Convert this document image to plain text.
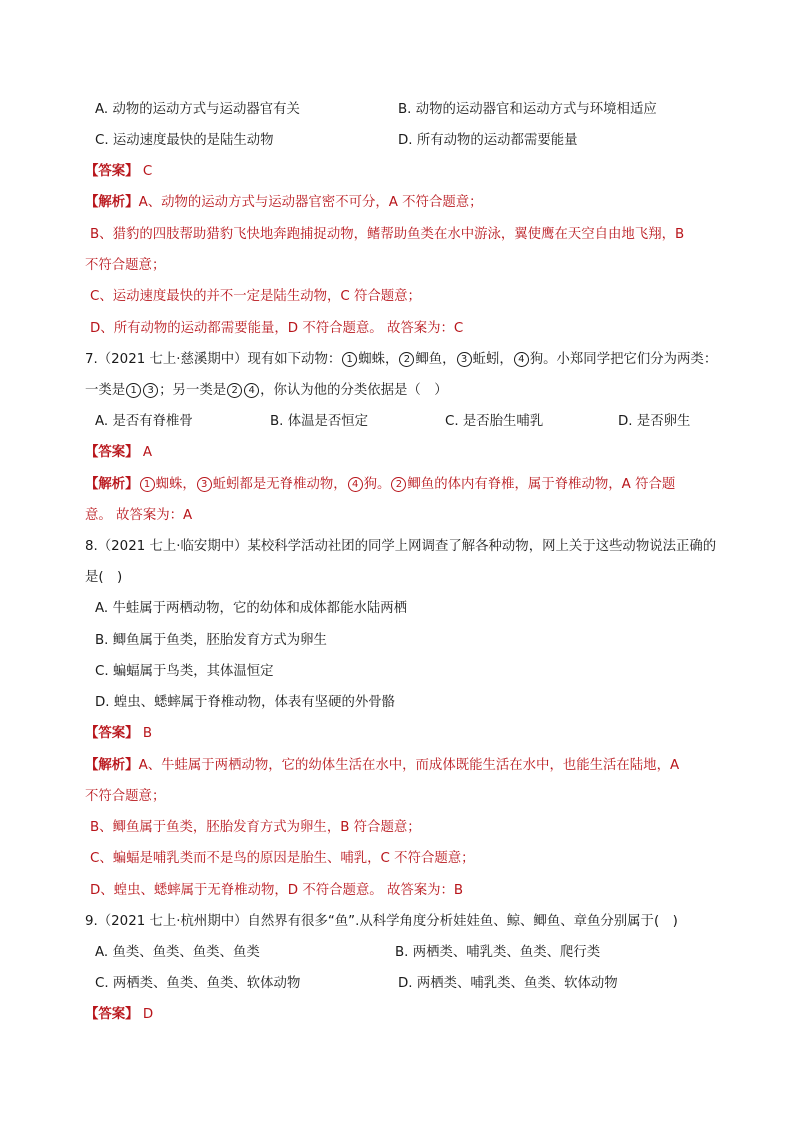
A. 动物的运动方式与运动器官有关	B. 动物的运动器官和运动方式与环境相适应
C. 运动速度最快的是陆生动物	D. 所有动物的运动都需要能量
【答案】 C
【解析】A、动物的运动方式与运动器官密不可分，A 不符合题意；
B、猎豹的四肢帮助猎豹飞快地奔跑捕捉动物，鳍帮助鱼类在水中游泳，翼使鹰在天空自由地飞翔，B
不符合题意；
C、运动速度最快的并不一定是陆生动物，C 符合题意；
D、所有动物的运动都需要能量，D 不符合题意。 故答案为：C
7.（2021 七上·慈溪期中）现有如下动物： 1 蜘蛛， 2 鲫鱼， 3 蚯蚓， 4 狗。小郑同学把它们分为两类：
一类是 1 3 ；另一类是 2 4 ，你认为他的分类依据是（　）
A. 是否有脊椎骨	B. 体温是否恒定	C. 是否胎生哺乳	D. 是否卵生
【答案】 A
【解析】 1 蜘蛛， 3 蚯蚓都是无脊椎动物， 4 狗。 2 鲫鱼的体内有脊椎，属于脊椎动物，A 符合题
意。 故答案为：A
8.（2021 七上·临安期中）某校科学活动社团的同学上网调查了解各种动物，网上关于这些动物说法正确的
是(　)
A. 牛蛙属于两栖动物，它的幼体和成体都能水陆两栖
B. 鲫鱼属于鱼类，胚胎发育方式为卵生
C. 蝙蝠属于鸟类，其体温恒定
D. 蝗虫、蟋蟀属于脊椎动物，体表有坚硬的外骨骼
【答案】 B
【解析】A、牛蛙属于两栖动物，它的幼体生活在水中，而成体既能生活在水中，也能生活在陆地，A
不符合题意；
B、鲫鱼属于鱼类，胚胎发育方式为卵生，B 符合题意；
C、蝙蝠是哺乳类而不是鸟的原因是胎生、哺乳，C 不符合题意；
D、蝗虫、蟋蟀属于无脊椎动物，D 不符合题意。 故答案为：B
9.（2021 七上·杭州期中）自然界有很多“鱼”.从科学角度分析娃娃鱼、鲸、鲫鱼、章鱼分别属于(　)
A. 鱼类、鱼类、鱼类、鱼类	B. 两栖类、哺乳类、鱼类、爬行类
C. 两栖类、鱼类、鱼类、软体动物	D. 两栖类、哺乳类、鱼类、软体动物
【答案】 D
